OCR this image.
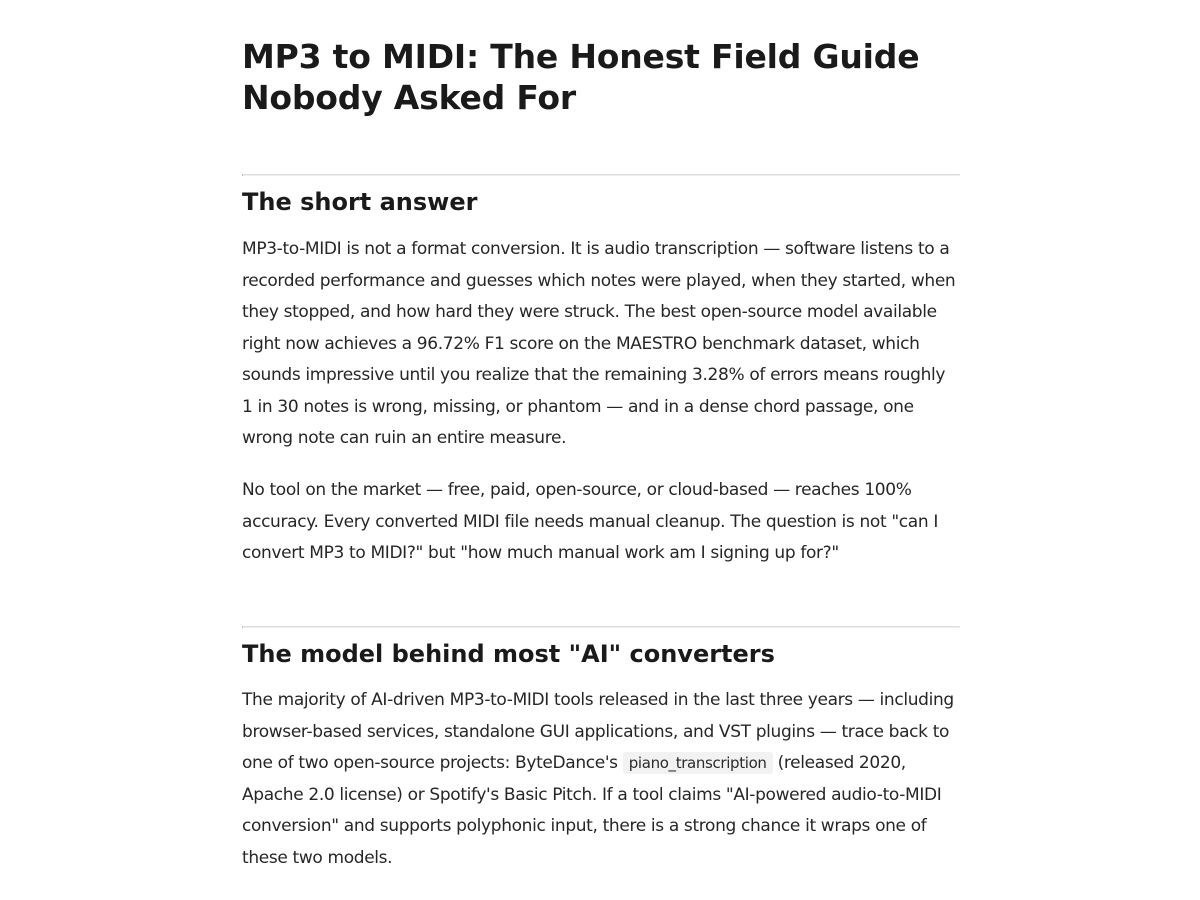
MP3 to MIDI: The Honest Field Guide Nobody Asked For
The short answer

MP3-to-MIDI is not a format conversion. It is audio transcription — software listens to a recorded performance and guesses which notes were played, when they started, when they stopped, and how hard they were struck. The best open-source model available right now achieves a 96.72% F1 score on the MAESTRO benchmark dataset, which sounds impressive until you realize that the remaining 3.28% of errors means roughly 1 in 30 notes is wrong, missing, or phantom — and in a dense chord passage, one wrong note can ruin an entire measure.

No tool on the market — free, paid, open-source, or cloud-based — reaches 100% accuracy. Every converted MIDI file needs manual cleanup. The question is not "can I convert MP3 to MIDI?" but "how much manual work am I signing up for?"

The model behind most "AI" converters

The majority of AI-driven MP3-to-MIDI tools released in the last three years — including browser-based services, standalone GUI applications, and VST plugins — trace back to one of two open-source projects: ByteDance's piano_transcription (released 2020, Apache 2.0 license) or Spotify's Basic Pitch. If a tool claims "AI-powered audio-to-MIDI conversion" and supports polyphonic input, there is a strong chance it wraps one of these two models.
